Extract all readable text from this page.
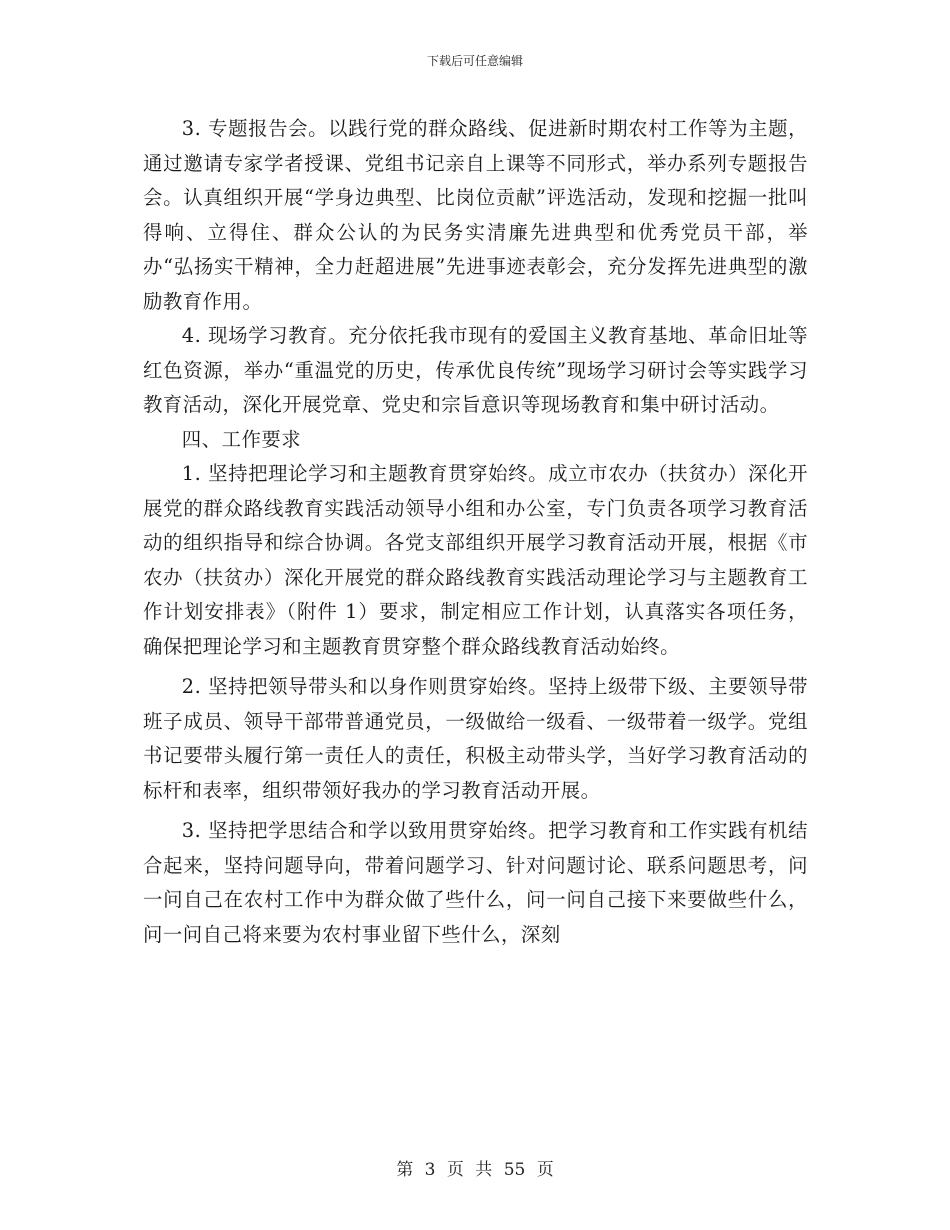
下载后可任意编辑

3. 专题报告会。以践行党的群众路线、促进新时期农村工作等为主题，通过邀请专家学者授课、党组书记亲自上课等不同形式，举办系列专题报告会。认真组织开展“学身边典型、比岗位贡献”评选活动，发现和挖掘一批叫得响、立得住、群众公认的为民务实清廉先进典型和优秀党员干部，举办“弘扬实干精神，全力赶超进展”先进事迹表彰会，充分发挥先进典型的激励教育作用。

4. 现场学习教育。充分依托我市现有的爱国主义教育基地、革命旧址等红色资源，举办“重温党的历史，传承优良传统”现场学习研讨会等实践学习教育活动，深化开展党章、党史和宗旨意识等现场教育和集中研讨活动。

四、工作要求

1. 坚持把理论学习和主题教育贯穿始终。成立市农办（扶贫办）深化开展党的群众路线教育实践活动领导小组和办公室，专门负责各项学习教育活动的组织指导和综合协调。各党支部组织开展学习教育活动开展，根据《市农办（扶贫办）深化开展党的群众路线教育实践活动理论学习与主题教育工作计划安排表》（附件 1）要求，制定相应工作计划，认真落实各项任务，确保把理论学习和主题教育贯穿整个群众路线教育活动始终。

2. 坚持把领导带头和以身作则贯穿始终。坚持上级带下级、主要领导带班子成员、领导干部带普通党员，一级做给一级看、一级带着一级学。党组书记要带头履行第一责任人的责任，积极主动带头学，当好学习教育活动的标杆和表率，组织带领好我办的学习教育活动开展。

3. 坚持把学思结合和学以致用贯穿始终。把学习教育和工作实践有机结合起来，坚持问题导向，带着问题学习、针对问题讨论、联系问题思考，问一问自己在农村工作中为群众做了些什么，问一问自己接下来要做些什么，问一问自己将来要为农村事业留下些什么，深刻

第 3 页 共 55 页
